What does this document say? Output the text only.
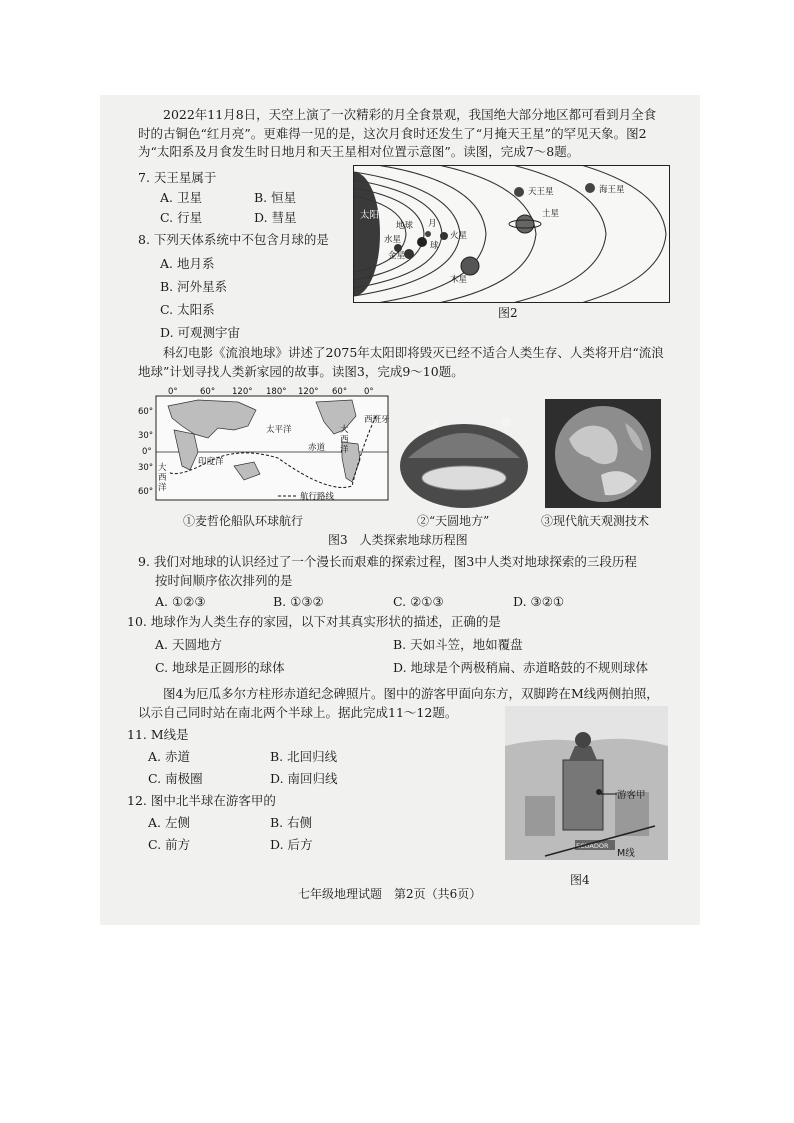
2022年11月8日，天空上演了一次精彩的月全食景观，我国绝大部分地区都可看到月全食时的古铜色“红月亮”。更难得一见的是，这次月食时还发生了“月掩天王星”的罕见天象。图2为“太阳系及月食发生时日地月和天王星相对位置示意图”。读图，完成7～8题。
7. 天王星属于
A. 卫星	B. 恒星
C. 行星	D. 彗星
8. 下列天体系统中不包含月球的是
A. 地月系
B. 河外星系
C. 太阳系
D. 可观测宇宙
太阳
地球 月
球
火星
水星
金星
木星
土星
天王星	海王星
图2
科幻电影《流浪地球》讲述了2075年太阳即将毁灭已经不适合人类生存、人类将开启“流浪地球”计划寻找人类新家园的故事。读图3，完成9～10题。
0°	60° 120° 180° 120° 60° 0°
60°
30°
0°
30°
60°
太平洋
印度洋
大
西
洋
大
西
洋
赤道
西班牙
航行路线
①麦哲伦船队环球航行	②“天圆地方”	③现代航天观测技术
图3　人类探索地球历程图
9. 我们对地球的认识经过了一个漫长而艰难的探索过程，图3中人类对地球探索的三段历程
按时间顺序依次排列的是
A. ①②③	B. ①③②	C. ②①③	D. ③②①
10. 地球作为人类生存的家园，以下对其真实形状的描述，正确的是
A. 天圆地方	B. 天如斗笠，地如覆盘
C. 地球是正圆形的球体	D. 地球是个两极稍扁、赤道略鼓的不规则球体
图4为厄瓜多尔方柱形赤道纪念碑照片。图中的游客甲面向东方，双脚跨在M线两侧拍照，以示自己同时站在南北两个半球上。据此完成11～12题。
11. M线是
A. 赤道	B. 北回归线
C. 南极圈	D. 南回归线
12. 图中北半球在游客甲的
A. 左侧	B. 右侧
C. 前方	D. 后方	ECUADOR
游客甲
M线
图4
七年级地理试题　第2页（共6页）
